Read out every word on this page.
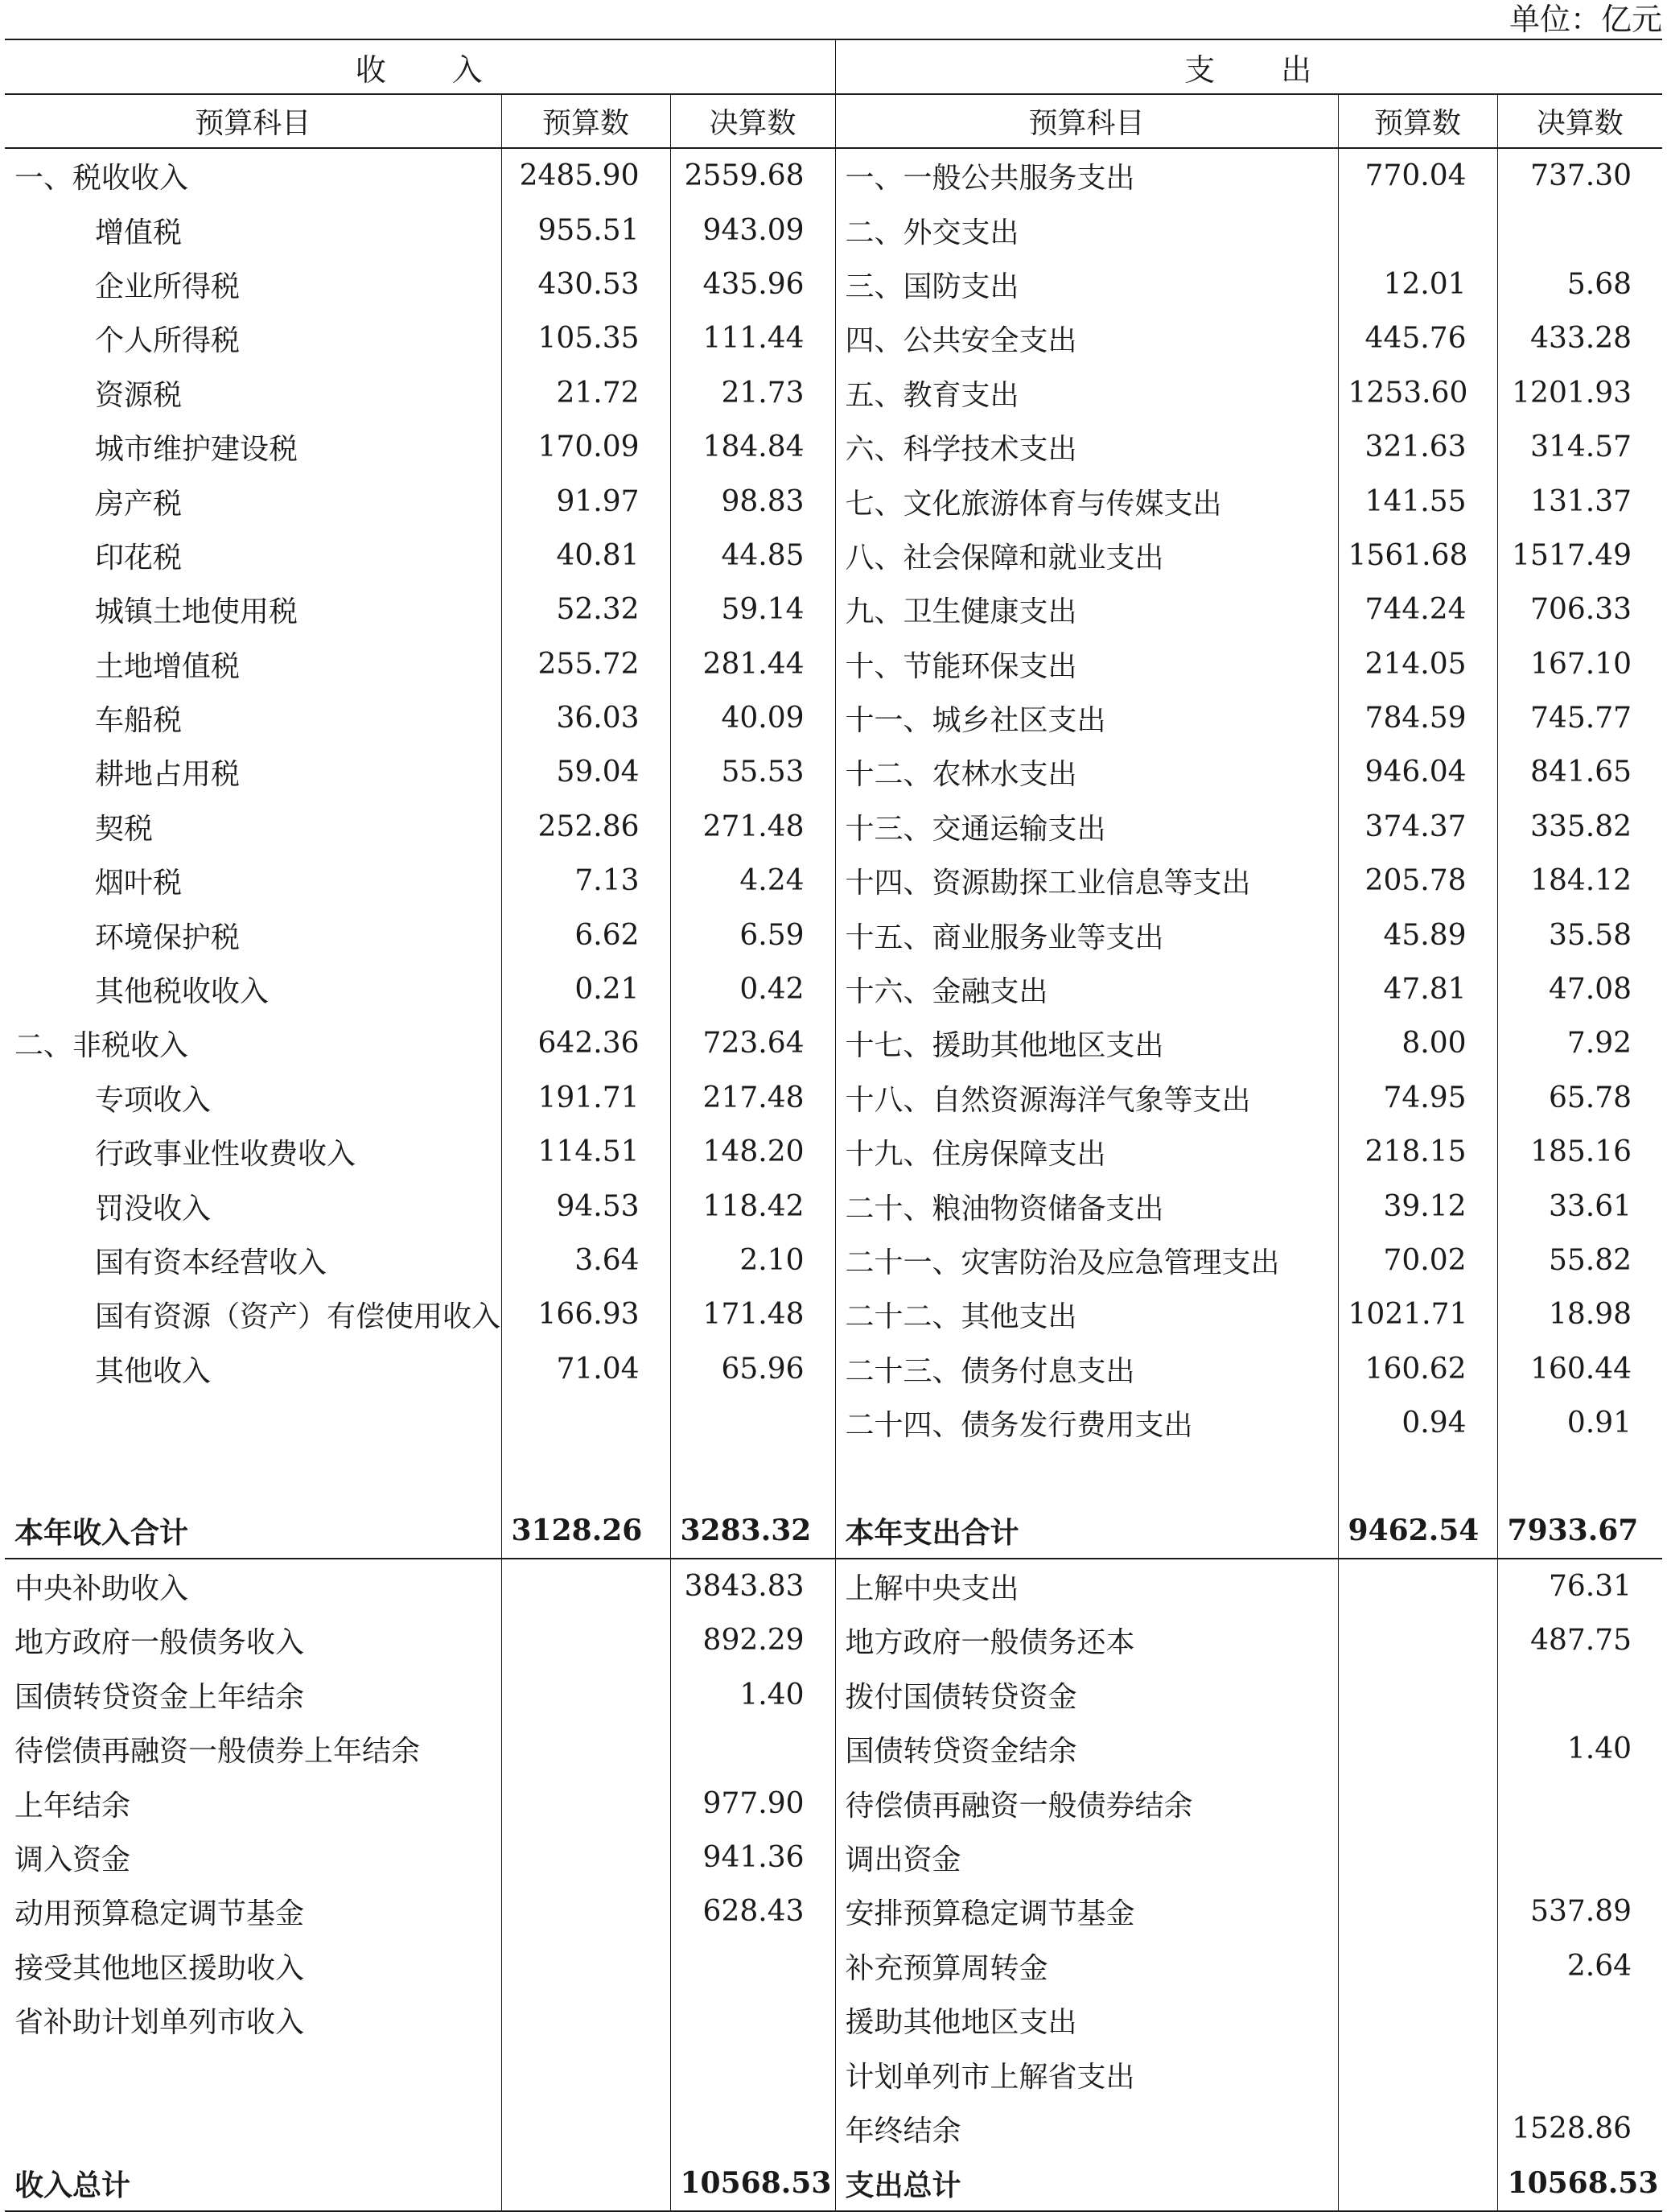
单位：亿元
收　　入			支　　出		
预算科目	预算数	决算数	预算科目	预算数	决算数
一、税收收入	2485.90	2559.68	一、一般公共服务支出	770.04	737.30
增值税	955.51	943.09	二、外交支出		
企业所得税	430.53	435.96	三、国防支出	12.01	5.68
个人所得税	105.35	111.44	四、公共安全支出	445.76	433.28
资源税	21.72	21.73	五、教育支出	1253.60	1201.93
城市维护建设税	170.09	184.84	六、科学技术支出	321.63	314.57
房产税	91.97	98.83	七、文化旅游体育与传媒支出	141.55	131.37
印花税	40.81	44.85	八、社会保障和就业支出	1561.68	1517.49
城镇土地使用税	52.32	59.14	九、卫生健康支出	744.24	706.33
土地增值税	255.72	281.44	十、节能环保支出	214.05	167.10
车船税	36.03	40.09	十一、城乡社区支出	784.59	745.77
耕地占用税	59.04	55.53	十二、农林水支出	946.04	841.65
契税	252.86	271.48	十三、交通运输支出	374.37	335.82
烟叶税	7.13	4.24	十四、资源勘探工业信息等支出	205.78	184.12
环境保护税	6.62	6.59	十五、商业服务业等支出	45.89	35.58
其他税收收入	0.21	0.42	十六、金融支出	47.81	47.08
二、非税收入	642.36	723.64	十七、援助其他地区支出	8.00	7.92
专项收入	191.71	217.48	十八、自然资源海洋气象等支出	74.95	65.78
行政事业性收费收入	114.51	148.20	十九、住房保障支出	218.15	185.16
罚没收入	94.53	118.42	二十、粮油物资储备支出	39.12	33.61
国有资本经营收入	3.64	2.10	二十一、灾害防治及应急管理支出	70.02	55.82
国有资源（资产）有偿使用收入	166.93	171.48	二十二、其他支出	1021.71	18.98
其他收入	71.04	65.96	二十三、债务付息支出	160.62	160.44
			二十四、债务发行费用支出	0.94	0.91

本年收入合计	3128.26	3283.32	本年支出合计	9462.54	7933.67
中央补助收入		3843.83	上解中央支出		76.31
地方政府一般债务收入		892.29	地方政府一般债务还本		487.75
国债转贷资金上年结余		1.40	拨付国债转贷资金		
待偿债再融资一般债券上年结余			国债转贷资金结余		1.40
上年结余		977.90	待偿债再融资一般债券结余		
调入资金		941.36	调出资金		
动用预算稳定调节基金		628.43	安排预算稳定调节基金		537.89
接受其他地区援助收入			补充预算周转金		2.64
省补助计划单列市收入			援助其他地区支出		
			计划单列市上解省支出		
			年终结余		1528.86
收入总计		10568.53	支出总计		10568.53
